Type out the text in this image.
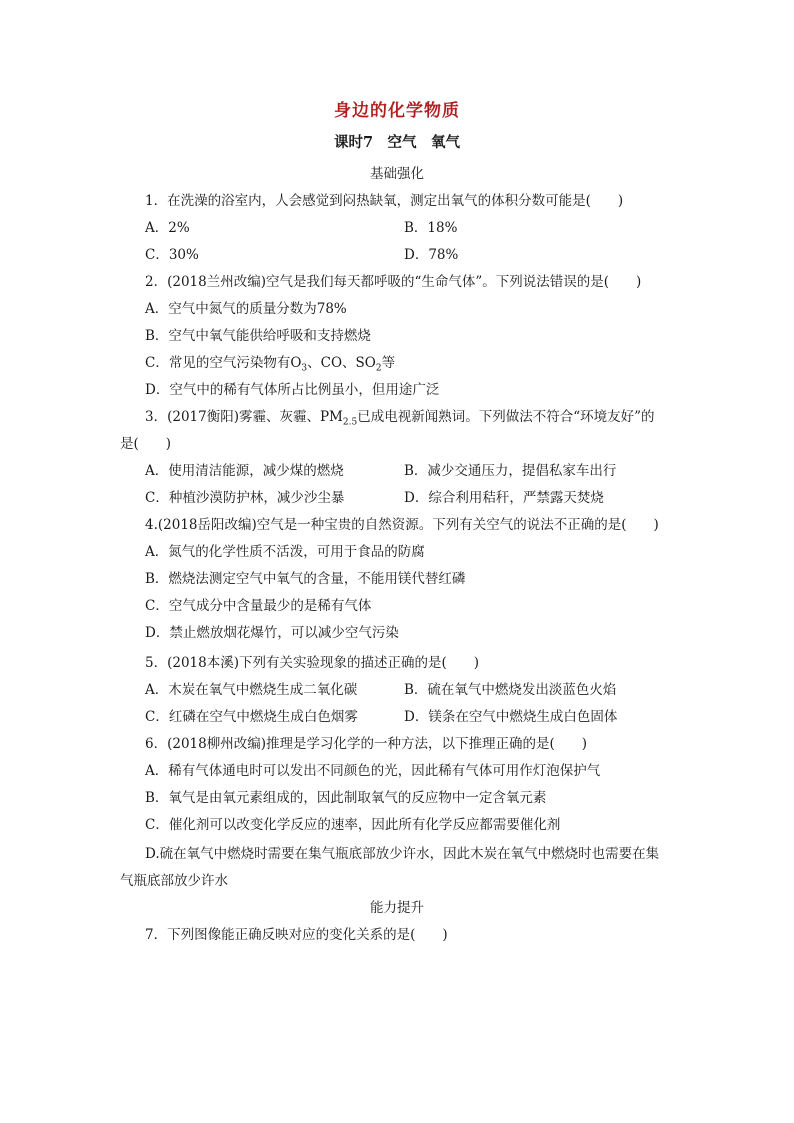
身边的化学物质
课时7　空气　氧气
基础强化
1．在洗澡的浴室内，人会感觉到闷热缺氧，测定出氧气的体积分数可能是(　　)
A．2%	B．18%
C．30%	D．78%
2．(2018兰州改编)空气是我们每天都呼吸的“生命气体”。下列说法错误的是(　　)
A．空气中氮气的质量分数为78%
B．空气中氧气能供给呼吸和支持燃烧
C．常见的空气污染物有$O_3$、CO、$SO_2$等
D．空气中的稀有气体所占比例虽小，但用途广泛
3．(2017衡阳)雾霾、灰霾、$PM_{2.5}$已成电视新闻熟词。下列做法不符合“环境友好”的
是(　　)
A．使用清洁能源，减少煤的燃烧	B．减少交通压力，提倡私家车出行
C．种植沙漠防护林，减少沙尘暴	D．综合利用秸秆，严禁露天焚烧
4.(2018岳阳改编)空气是一种宝贵的自然资源。下列有关空气的说法不正确的是(　　)
A．氮气的化学性质不活泼，可用于食品的防腐
B．燃烧法测定空气中氧气的含量，不能用镁代替红磷
C．空气成分中含量最少的是稀有气体
D．禁止燃放烟花爆竹，可以减少空气污染
5．(2018本溪)下列有关实验现象的描述正确的是(　　)
A．木炭在氧气中燃烧生成二氧化碳	B．硫在氧气中燃烧发出淡蓝色火焰
C．红磷在空气中燃烧生成白色烟雾	D．镁条在空气中燃烧生成白色固体
6．(2018柳州改编)推理是学习化学的一种方法，以下推理正确的是(　　)
A．稀有气体通电时可以发出不同颜色的光，因此稀有气体可用作灯泡保护气
B．氧气是由氧元素组成的，因此制取氧气的反应物中一定含氧元素
C．催化剂可以改变化学反应的速率，因此所有化学反应都需要催化剂
D.硫在氧气中燃烧时需要在集气瓶底部放少许水，因此木炭在氧气中燃烧时也需要在集
气瓶底部放少许水
能力提升
7．下列图像能正确反映对应的变化关系的是(　　)
